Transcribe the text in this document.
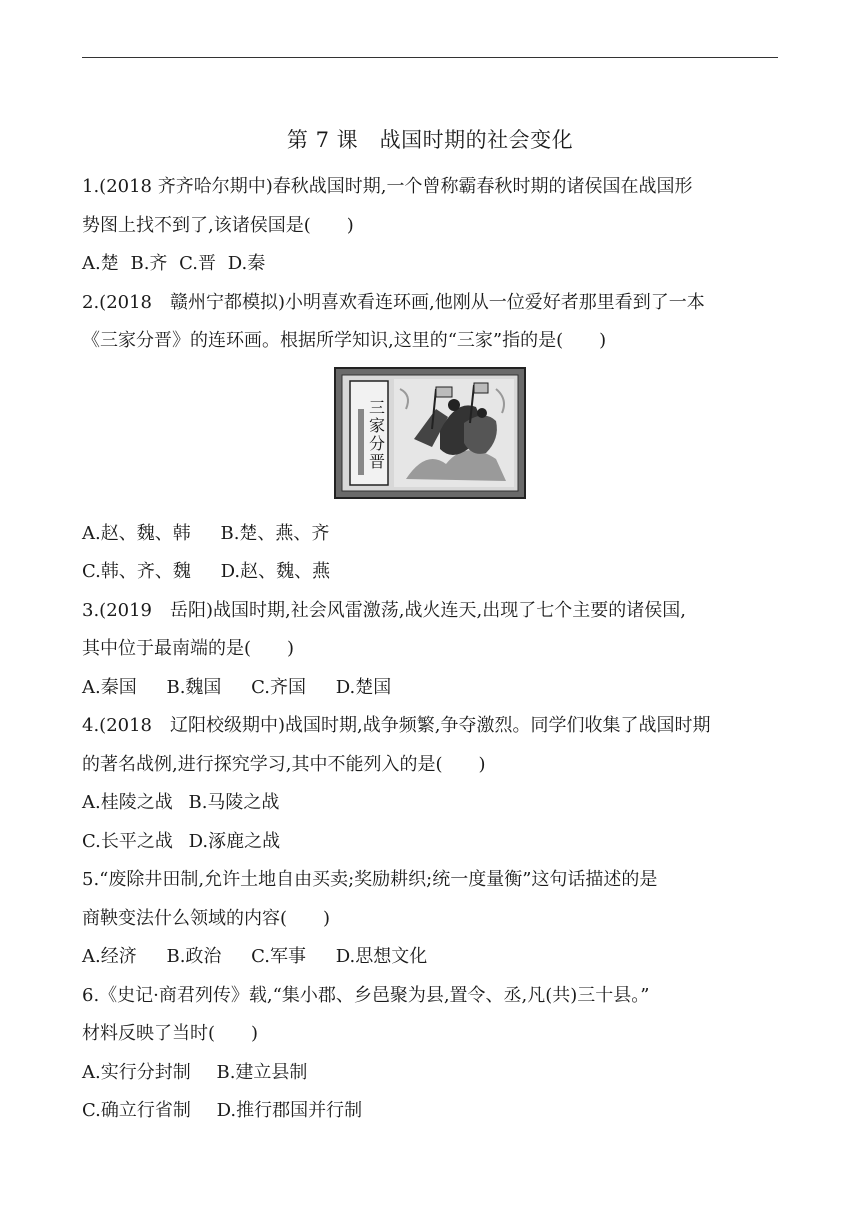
第 7 课　战国时期的社会变化
1.(2018 齐齐哈尔期中)春秋战国时期,一个曾称霸春秋时期的诸侯国在战国形
势图上找不到了,该诸侯国是(　　)
A.楚 B.齐 C.晋 D.秦
2.(2018　赣州宁都模拟)小明喜欢看连环画,他刚从一位爱好者那里看到了一本
《三家分晋》的连环画。根据所学知识,这里的“三家”指的是(　　)
三家分晋
A.赵、魏、韩 B.楚、燕、齐
C.韩、齐、魏 D.赵、魏、燕
3.(2019　岳阳)战国时期,社会风雷激荡,战火连天,出现了七个主要的诸侯国,
其中位于最南端的是(　　)
A.秦国 B.魏国 C.齐国 D.楚国
4.(2018　辽阳校级期中)战国时期,战争频繁,争夺激烈。同学们收集了战国时期
的著名战例,进行探究学习,其中不能列入的是(　　)
A.桂陵之战 B.马陵之战
C.长平之战 D.涿鹿之战
5.“废除井田制,允许土地自由买卖;奖励耕织;统一度量衡”这句话描述的是
商鞅变法什么领域的内容(　　)
A.经济 B.政治 C.军事 D.思想文化
6.《史记·商君列传》载,“集小郡、乡邑聚为县,置令、丞,凡(共)三十县。”
材料反映了当时(　　)
A.实行分封制 B.建立县制
C.确立行省制 D.推行郡国并行制
